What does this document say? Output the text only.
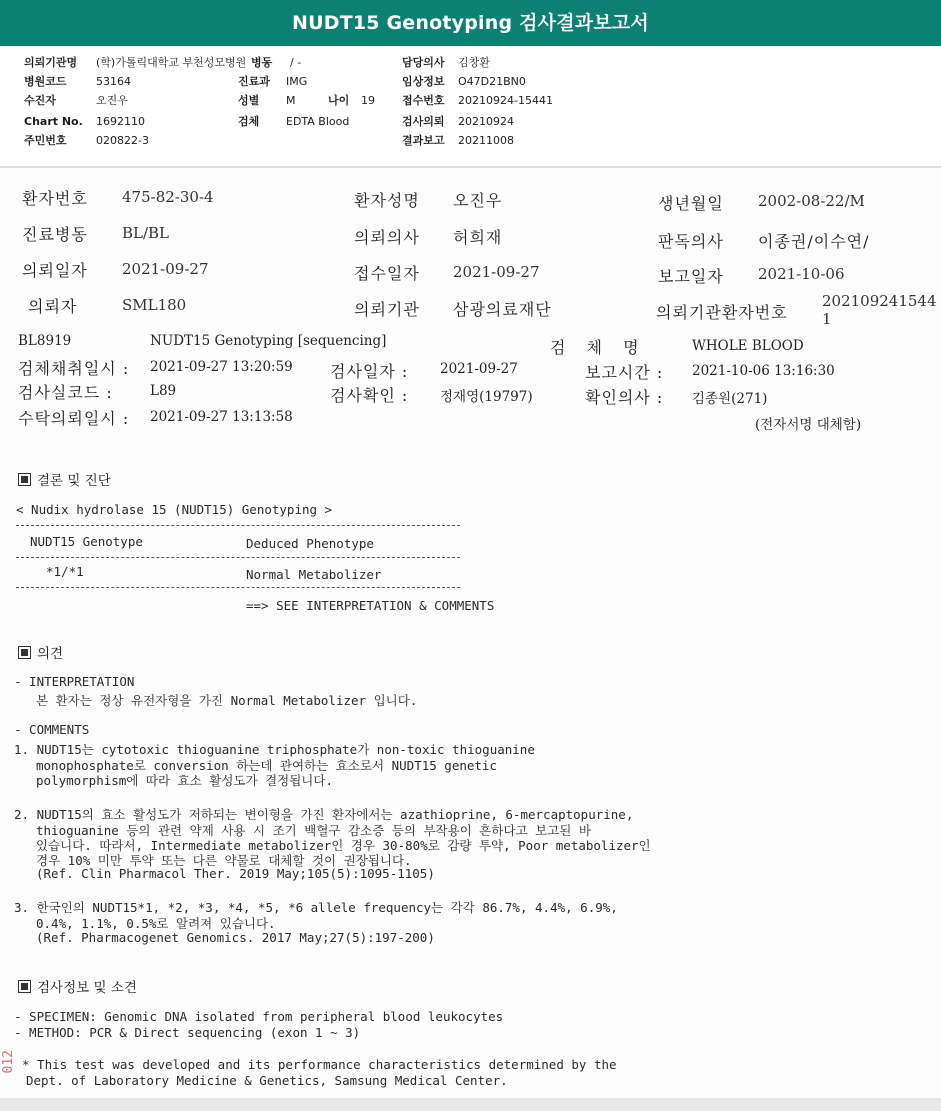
NUDT15 Genotyping 검사결과보고서
의뢰기관명 (학)가톨릭대학교 부천성모병원 병동 / -	담당의사 김창환
병원코드	53164	진료과 IMG	임상정보 O47D21BN0
수진자	오진우	성별 M	나이 19 접수번호 20210924-15441
Chart No. 1692110	검체 EDTA Blood	검사의뢰 20210924
주민번호	020822-3	결과보고 20211008
환자번호 475-82-30-4	환자성명 오진우	생년월일 2002-08-22/M
진료병동 BL/BL	의뢰의사 허희재	판독의사 이종권/이수연/
의뢰일자 2021-09-27	접수일자 2021-09-27	보고일자 2021-10-06
의뢰자	SML180	의뢰기관 삼광의료재단	의뢰기관환자번호
202109241544
1
BL8919	NUDT15 Genotyping [sequencing]	검 체 명	WHOLE BLOOD
검체채취일시 : 2021-09-27 13:20:59 검사일자 : 2021-09-27	보고시간 : 2021-10-06 13:16:30
검사실코드 :	L89	검사확인 : 정재영(19797)	확인의사 : 김종원(271)
수탁의뢰일시 : 2021-09-27 13:13:58	(전자서명 대체함)
결론 및 진단
< Nudix hydrolase 15 (NUDT15) Genotyping >
NUDT15 Genotype	Deduced Phenotype
*1/*1	Normal Metabolizer
==> SEE INTERPRETATION & COMMENTS
의견
- INTERPRETATION
본 환자는 정상 유전자형을 가진 Normal Metabolizer 입니다.
- COMMENTS
1. NUDT15는 cytotoxic thioguanine triphosphate가 non-toxic thioguanine
monophosphate로 conversion 하는데 관여하는 효소로서 NUDT15 genetic
polymorphism에 따라 효소 활성도가 결정됩니다.
2. NUDT15의 효소 활성도가 저하되는 변이형을 가진 환자에서는 azathioprine, 6-mercaptopurine,
thioguanine 등의 관련 약제 사용 시 조기 백혈구 감소증 등의 부작용이 흔하다고 보고된 바
있습니다. 따라서, Intermediate metabolizer인 경우 30-80%로 감량 투약, Poor metabolizer인
경우 10% 미만 투약 또는 다른 약물로 대체할 것이 권장됩니다.
(Ref. Clin Pharmacol Ther. 2019 May;105(5):1095-1105)
3. 한국인의 NUDT15*1, *2, *3, *4, *5, *6 allele frequency는 각각 86.7%, 4.4%, 6.9%,
0.4%, 1.1%, 0.5%로 알려져 있습니다.
(Ref. Pharmacogenet Genomics. 2017 May;27(5):197-200)
검사정보 및 소견
- SPECIMEN: Genomic DNA isolated from peripheral blood leukocytes
- METHOD: PCR & Direct sequencing (exon 1 ~ 3)
* This test was developed and its performance characteristics determined by the
Dept. of Laboratory Medicine & Genetics, Samsung Medical Center.
012
